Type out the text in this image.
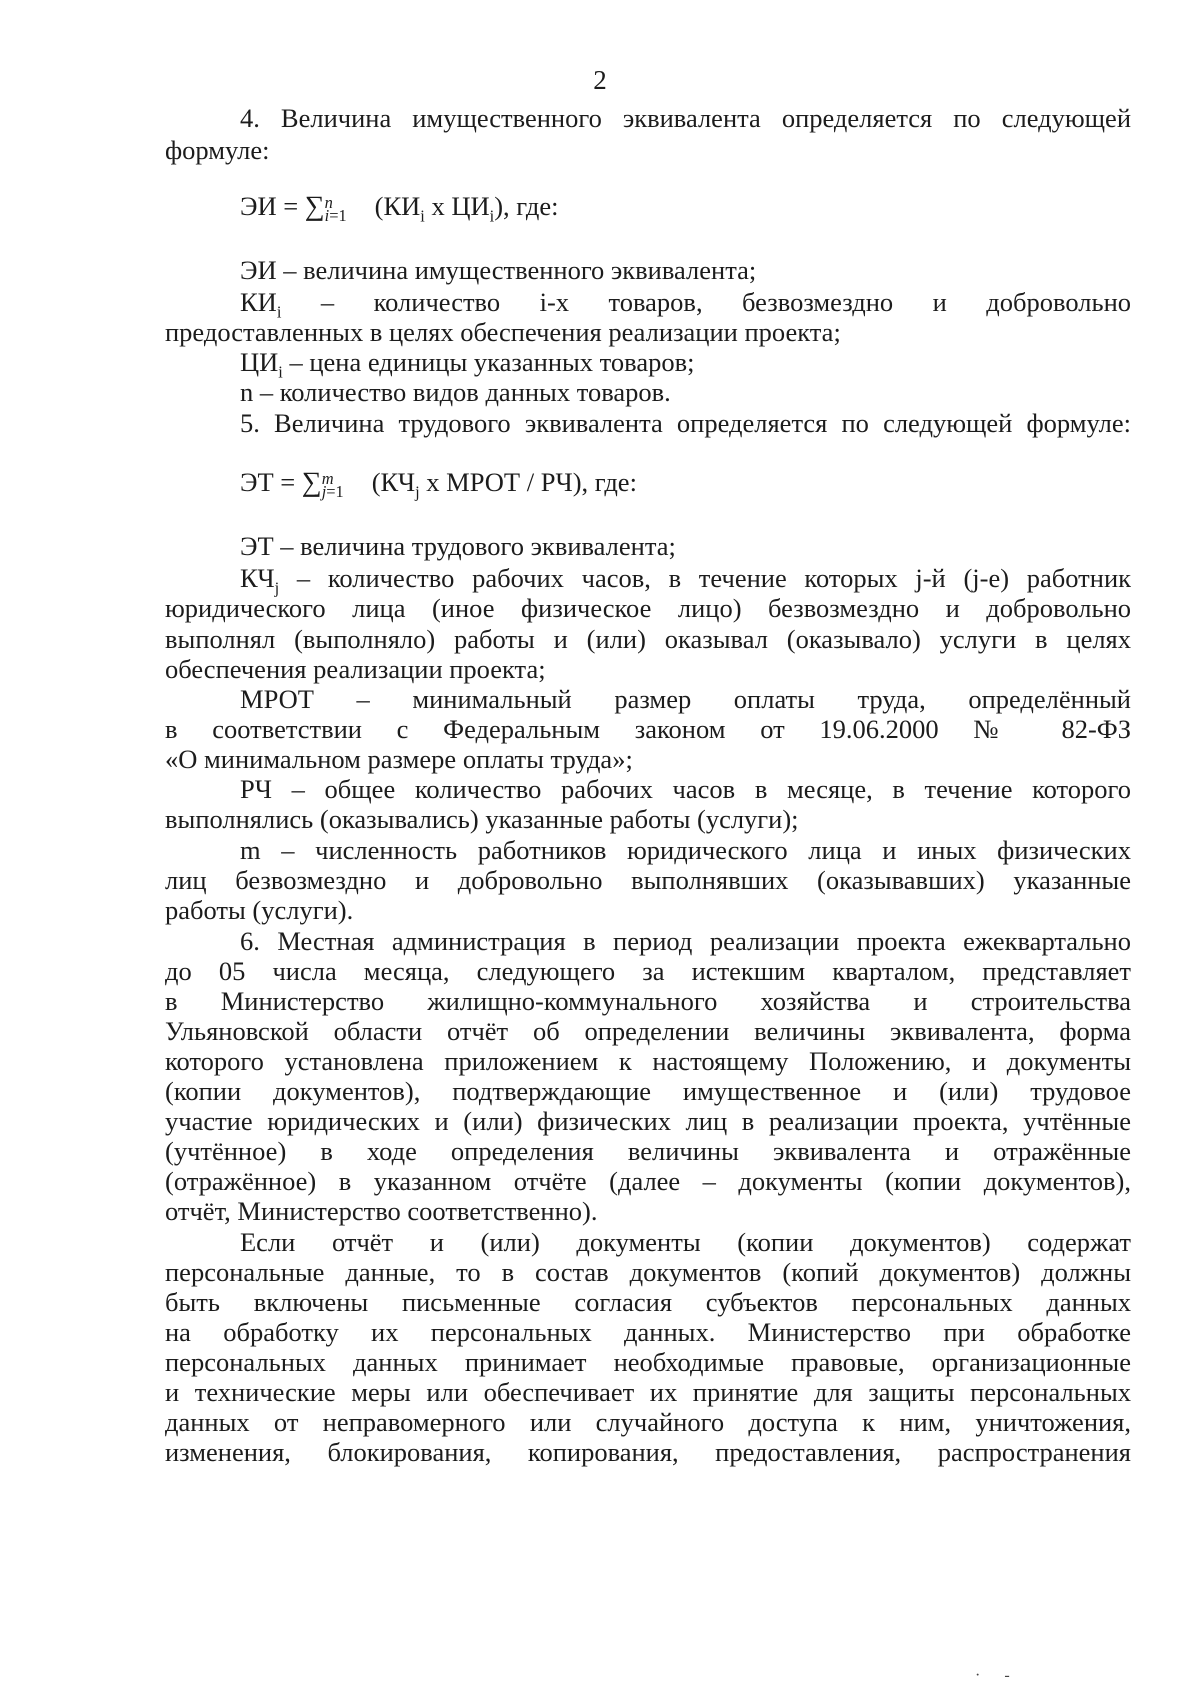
2
4. Величина имущественного эквивалента определяется по следующей
формуле:
ЭИ = ∑ n
i=1 ($КИ_i$ x $ЦИ_i$), где:
ЭИ – величина имущественного эквивалента;
$КИ_i$ – количество i-х товаров, безвозмездно и добровольно
предоставленных в целях обеспечения реализации проекта;
$ЦИ_i$ – цена единицы указанных товаров;
n – количество видов данных товаров.
5. Величина трудового эквивалента определяется по следующей формуле:
ЭТ = ∑ m
j=1 ($КЧ_j$ x МРОТ / РЧ), где:
ЭТ – величина трудового эквивалента;
$КЧ_j$ – количество рабочих часов, в течение которых j-й (j-е) работник
юридического лица (иное физическое лицо) безвозмездно и добровольно
выполнял (выполняло) работы и (или) оказывал (оказывало) услуги в целях
обеспечения реализации проекта;
МРОТ – минимальный размер оплаты труда, определённый
в соответствии с Федеральным законом от 19.06.2000 № 82-ФЗ
«О минимальном размере оплаты труда»;
РЧ – общее количество рабочих часов в месяце, в течение которого
выполнялись (оказывались) указанные работы (услуги);
m – численность работников юридического лица и иных физических
лиц безвозмездно и добровольно выполнявших (оказывавших) указанные
работы (услуги).
6. Местная администрация в период реализации проекта ежеквартально
до 05 числа месяца, следующего за истекшим кварталом, представляет
в Министерство жилищно-коммунального хозяйства и строительства
Ульяновской области отчёт об определении величины эквивалента, форма
которого установлена приложением к настоящему Положению, и документы
(копии документов), подтверждающие имущественное и (или) трудовое
участие юридических и (или) физических лиц в реализации проекта, учтённые
(учтённое) в ходе определения величины эквивалента и отражённые
(отражённое) в указанном отчёте (далее – документы (копии документов),
отчёт, Министерство соответственно).
Если отчёт и (или) документы (копии документов) содержат
персональные данные, то в состав документов (копий документов) должны
быть включены письменные согласия субъектов персональных данных
на обработку их персональных данных. Министерство при обработке
персональных данных принимает необходимые правовые, организационные
и технические меры или обеспечивает их принятие для защиты персональных
данных от неправомерного или случайного доступа к ним, уничтожения,
изменения, блокирования, копирования, предоставления, распространения
·      ‑
